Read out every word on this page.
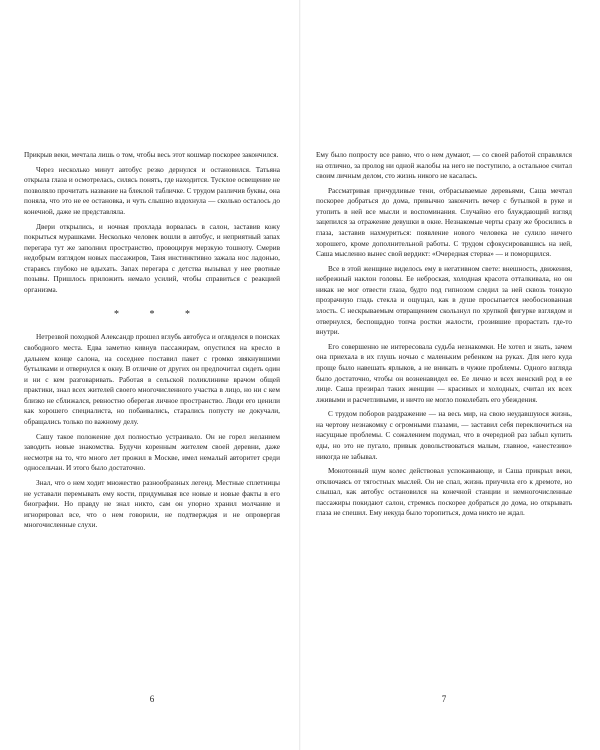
Прикрыв веки, мечтала лишь о том, чтобы весь этот кошмар поскорее закончился.

Через несколько минут автобус резко дернулся и остановился. Татьяна открыла глаза и осмотрелась, силясь понять, где находится. Тусклое освещение не позволяло прочитать название на блеклой табличке. С трудом различив буквы, она поняла, что это не ее остановка, и чуть слышно вздохнула — сколько осталось до конечной, даже не представляла.

Двери открылись, и ночная прохлада ворвалась в салон, заставив кожу покрыться мурашками. Несколько человек вошли в автобус, и неприятный запах перегара тут же заполнил пространство, провоцируя мерзкую тошноту. Смерив недобрым взглядом новых пассажиров, Таня инстинктивно зажала нос ладонью, стараясь глубоко не вдыхать. Запах перегара с детства вызывал у нее рвотные позывы. Пришлось приложить немало усилий, чтобы справиться с реакцией организма.

* * *

Нетрезвой походкой Александр прошел вглубь автобуса и огляделся в поисках свободного места. Едва заметно кивнув пассажирам, опустился на кресло в дальнем конце салона, на соседнее поставил пакет с громко звякнувшими бутылками и отвернулся к окну. В отличие от других он предпочитал сидеть один и ни с кем разговаривать. Работая в сельской поликлинике врачом общей практики, знал всех жителей своего многочисленного участка в лицо, но ни с кем близко не сближался, ревностно оберегая личное пространство. Люди его ценили как хорошего специалиста, но побаивались, старались попусту не докучали, обращались только по важному делу.

Сашу такое положение дел полностью устраивало. Он не горел желанием заводить новые знакомства. Будучи коренным жителем своей деревни, даже несмотря на то, что много лет прожил в Москве, имел немалый авторитет среди односельчан. И этого было достаточно.

Знал, что о нем ходит множество разнообразных легенд. Местные сплетницы не уставали перемывать ему кости, придумывая все новые и новые факты в его биографии. Но правду не знал никто, сам он упорно хранил молчание и игнорировал все, что о нем говорили, не подтверждая и не опровергая многочисленные слухи.

6

Ему было попросту все равно, что о нем думают, — со своей работой справлялся на отлично, за пролog ни одной жалобы на него не поступило, а остальное считал своим личным делом, сто жизнь никого не касалась.

Рассматривая причудливые тени, отбрасываемые деревьями, Саша мечтал поскорее добраться до дома, привычно закончить вечер с бутылкой в руке и утопить в ней все мысли и воспоминания. Случайно его блуждающий взгляд зацепился за отражение девушки в окне. Незнакомые черты сразу же бросились в глаза, заставив нахмуриться: появление нового человека не сулило ничего хорошего, кроме дополнительной работы. С трудом сфокусировавшись на ней, Саша мысленно вынес свой вердикт: «Очередная стерва» — и поморщился.

Все в этой женщине виделось ему в негативном свете: внешность, движения, небрежный наклон головы. Ее неброская, холодная красота отталкивала, но он никак не мог отвести глаза, будто под гипнозом следил за ней сквозь тонкую прозрачную гладь стекла и ощущал, как в душе просыпается необоснованная злость. С нескрываемым отвращением скользнул по хрупкой фигурке взглядом и отвернулся, беспощадно топча ростки жалости, грозившие прорастать где-то внутри.

Его совершенно не интересовала судьба незнакомки. Не хотел и знать, зачем она приехала в их глушь ночью с маленьким ребенком на руках. Для него куда проще было навешать ярлыков, а не вникать в чужие проблемы. Одного взгляда было достаточно, чтобы он возненавидел ее. Ее лично и всех женский род в ее лице. Саша презирал таких женщин — красивых и холодных, считал их всех лживыми и расчетливыми, и ничто не могло поколебать его убеждения.

С трудом поборов раздражение — на весь мир, на свою неудавшуюся жизнь, на чертову незнакомку с огромными глазами, — заставил себя переключиться на насущные проблемы. С сожалением подумал, что в очередной раз забыл купить еды, но это не пугало, привык довольствоваться малым, главное, «анестезию» никогда не забывал.

Монотонный шум колес действовал успокаивающе, и Саша прикрыл веки, отключаясь от тягостных мыслей. Он не спал, жизнь приучила его к дремоте, но слышал, как автобус остановился на конечной станции и немногочисленные пассажиры покидают салон, стремясь поскорее добраться до дома, но открывать глаза не спешил. Ему некуда было торопиться, дома никто не ждал.

7
